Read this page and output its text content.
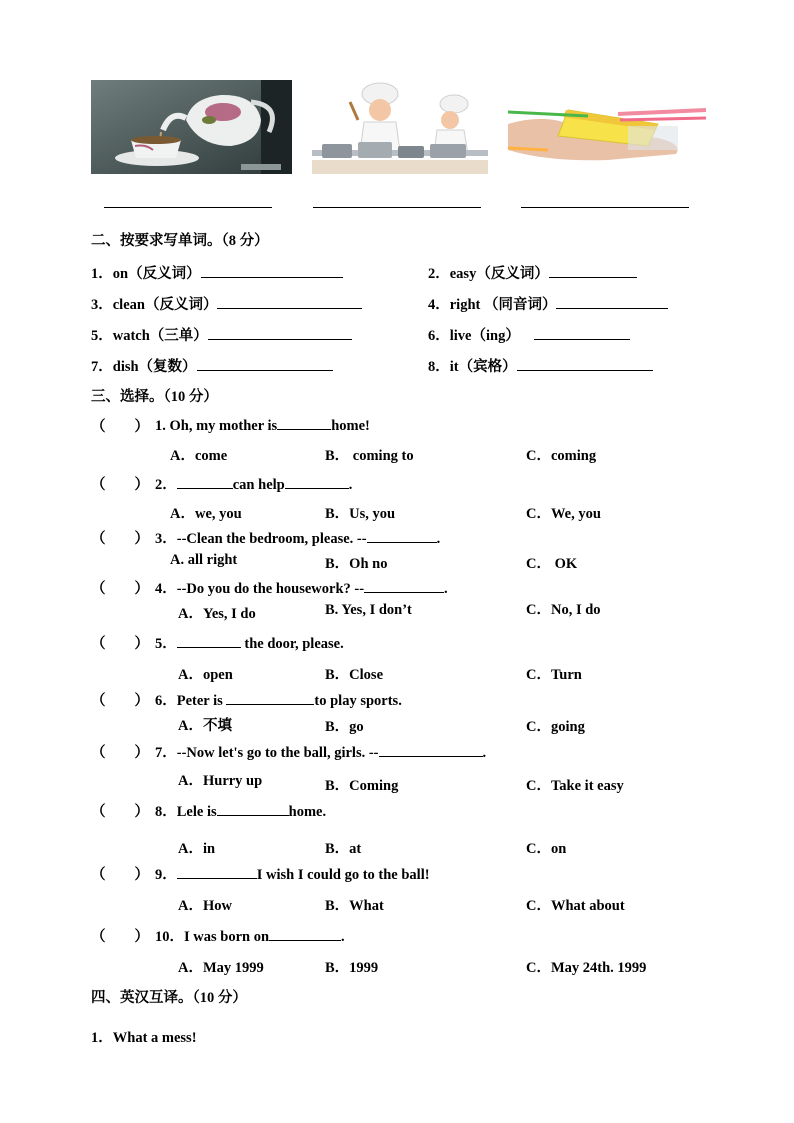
二、按要求写单词。（8 分）
1．on（反义词）	2．easy（反义词）
3．clean（反义词）	4．right （同音词）
5．watch（三单）	6．live（ing）
7．dish（复数）	8．it（宾格）
三、选择。（10 分）
（　　） 1. Oh, my mother is	home!
A．come	B． coming to	C．coming
（　　） 2．	can help	.
A．we, you	B．Us, you	C．We, you
（　　） 3．--Clean the bedroom, please. --	.
A. all right	B．Oh no	C． OK
（　　） 4．--Do you do the housework? --	.
A．Yes, I do	B. Yes, I don’t	C．No, I do
（　　） 5．	the door, please.
A．open	B．Close	C．Turn
（　　） 6．Peter is	to play sports.
A．不填	B．go	C．going
（　　） 7．--Now let's go to the ball, girls. --	.
A．Hurry up	B．Coming	C．Take it easy
（　　） 8．Lele is	home.
A．in	B．at	C．on
（　　） 9．	I wish I could go to the ball!
A．How	B．What	C．What about
（　　） 10．I was born on	.
A．May 1999	B．1999	C．May 24th. 1999
四、英汉互译。（10 分）
1．What a mess!
